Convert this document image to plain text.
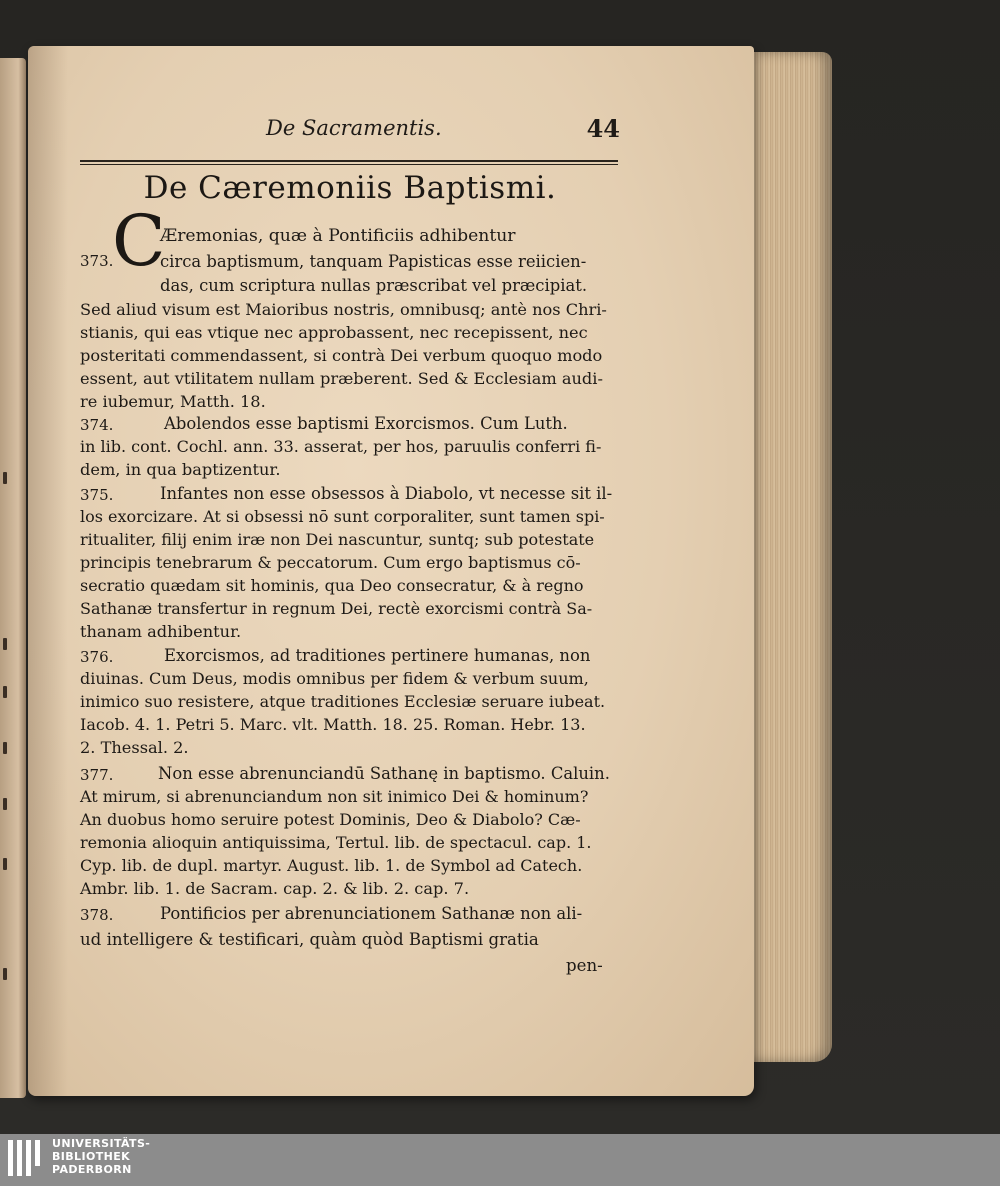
De Sacramentis.	44
De Cæremoniis Baptismi.
C
373.
Æremonias, quæ à Pontificiis adhibentur
circa baptismum, tanquam Papisticas esse reiicien-
das, cum scriptura nullas præscribat vel præcipiat.
Sed aliud visum est Maioribus nostris, omnibusq; antè nos Chri-
stianis, qui eas vtique nec approbassent, nec recepissent, nec
posteritati commendassent, si contrà Dei verbum quoquo modo
essent, aut vtilitatem nullam præberent. Sed & Ecclesiam audi-
re iubemur, Matth. 18.
374.	Abolendos esse baptismi Exorcismos. Cum Luth.
in lib. cont. Cochl. ann. 33. asserat, per hos, paruulis conferri fi-
dem, in qua baptizentur.
375.	Infantes non esse obsessos à Diabolo, vt necesse sit il-
los exorcizare. At si obsessi nō sunt corporaliter, sunt tamen spi-
ritualiter, filij enim iræ non Dei nascuntur, suntq; sub potestate
principis tenebrarum & peccatorum. Cum ergo baptismus cō-
secratio quædam sit hominis, qua Deo consecratur, & à regno
Sathanæ transfertur in regnum Dei, rectè exorcismi contrà Sa-
thanam adhibentur.
376.	Exorcismos, ad traditiones pertinere humanas, non
diuinas. Cum Deus, modis omnibus per fidem & verbum suum,
inimico suo resistere, atque traditiones Ecclesiæ seruare iubeat.
Iacob. 4. 1. Petri 5. Marc. vlt. Matth. 18. 25. Roman. Hebr. 13.
2. Thessal. 2.
377.	Non esse abrenunciandū Sathanę in baptismo. Caluin.
At mirum, si abrenunciandum non sit inimico Dei & hominum?
An duobus homo seruire potest Dominis, Deo & Diabolo? Cæ-
remonia alioquin antiquissima, Tertul. lib. de spectacul. cap. 1.
Cyp. lib. de dupl. martyr. August. lib. 1. de Symbol ad Catech.
Ambr. lib. 1. de Sacram. cap. 2. & lib. 2. cap. 7.
378.	Pontificios per abrenunciationem Sathanæ non ali-
ud intelligere & testificari, quàm quòd Baptismi gratia
pen-
UNIVERSITÄTS-
BIBLIOTHEK
PADERBORN
